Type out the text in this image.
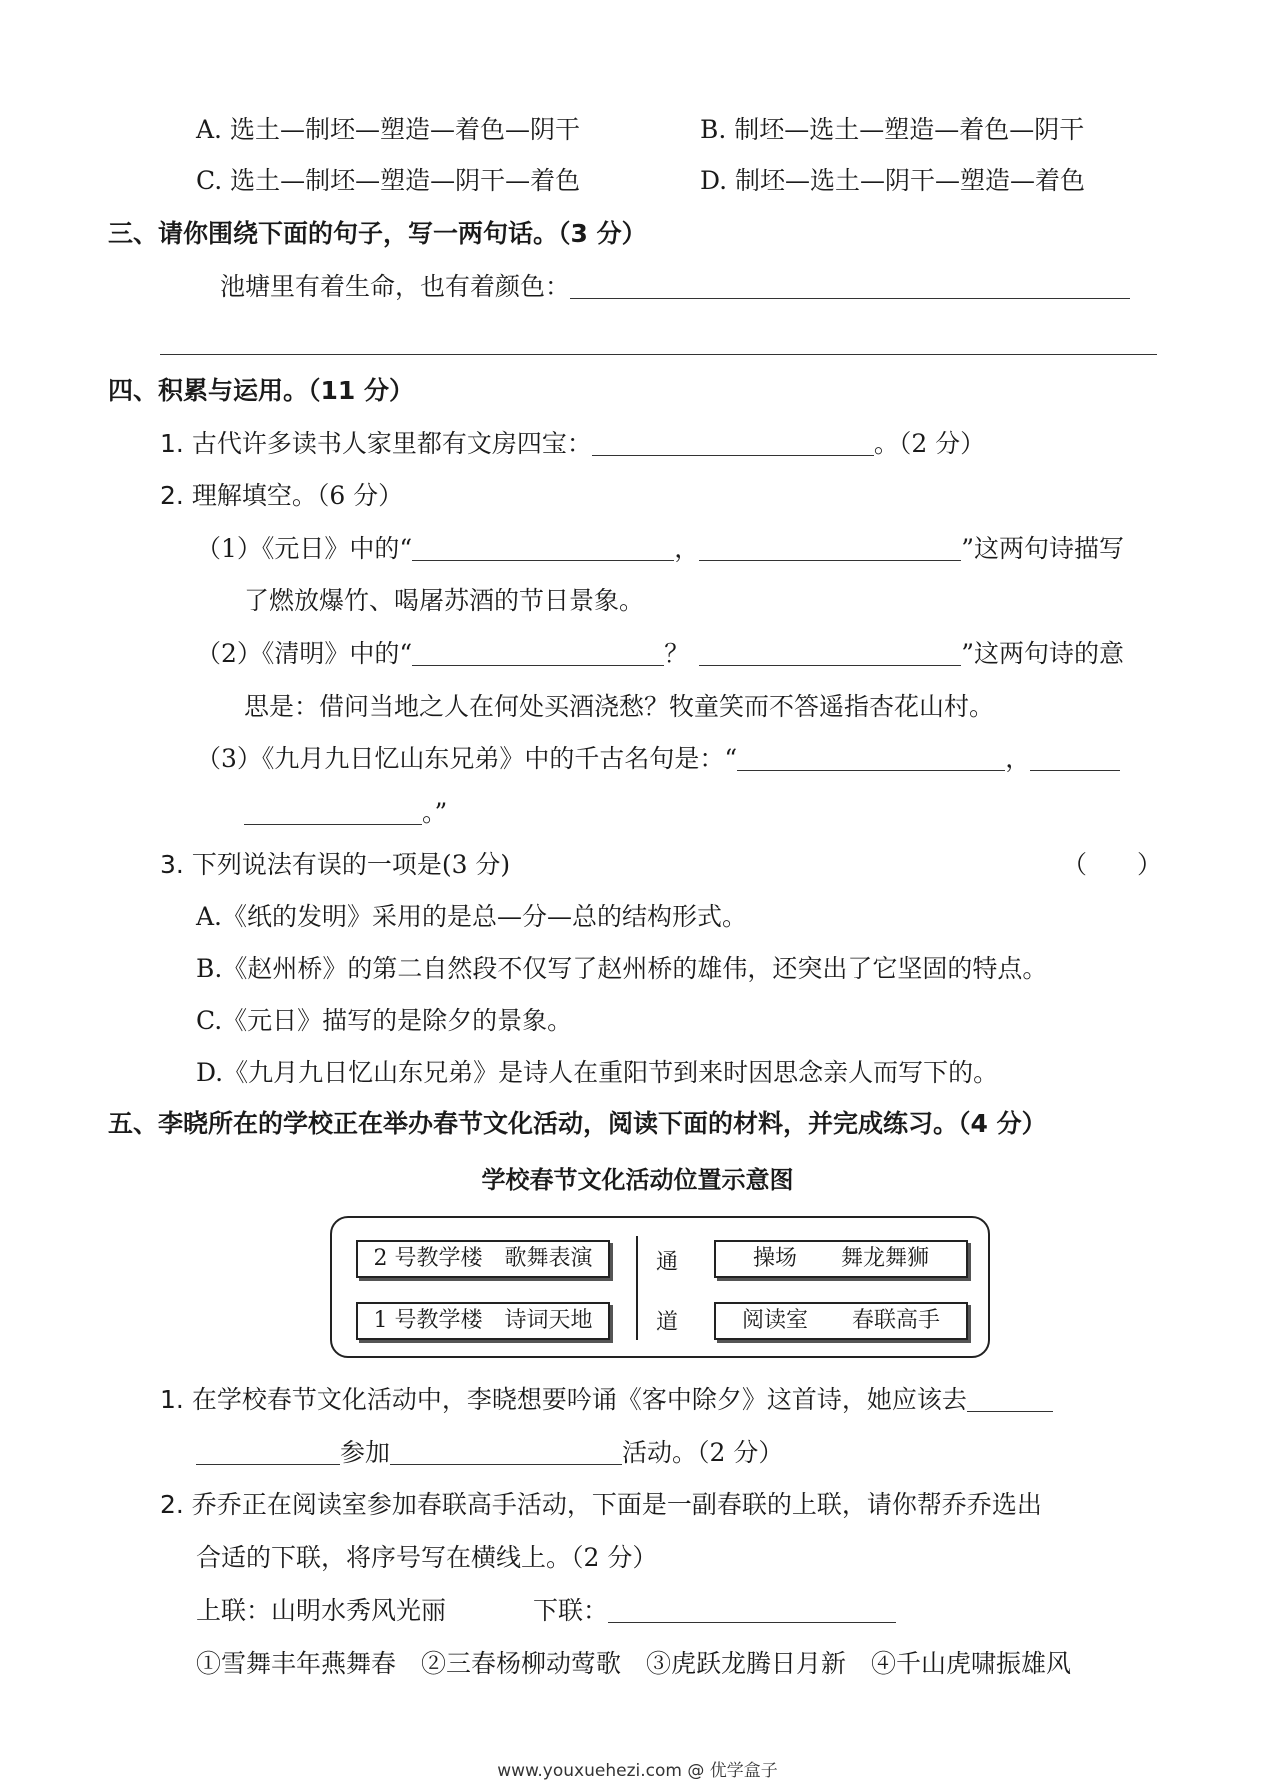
A. 选土—制坯—塑造—着色—阴干	B. 制坯—选土—塑造—着色—阴干
C. 选土—制坯—塑造—阴干—着色	D. 制坯—选土—阴干—塑造—着色
三、请你围绕下面的句子，写一两句话。（3 分）
池塘里有着生命，也有着颜色：
四、积累与运用。（11 分）
1. 古代许多读书人家里都有文房四宝：	。（2 分）
2. 理解填空。（6 分）
（1）《元日》中的“	，	”这两句诗描写
了燃放爆竹、喝屠苏酒的节日景象。
（2）《清明》中的“	？	”这两句诗的意
思是：借问当地之人在何处买酒浇愁？牧童笑而不答遥指杏花山村。
（3）《九月九日忆山东兄弟》中的千古名句是：“	，
。”
3. 下列说法有误的一项是(3 分)	（　　）
A.《纸的发明》采用的是总—分—总的结构形式。
B.《赵州桥》的第二自然段不仅写了赵州桥的雄伟，还突出了它坚固的特点。
C.《元日》描写的是除夕的景象。
D.《九月九日忆山东兄弟》是诗人在重阳节到来时因思念亲人而写下的。
五、李晓所在的学校正在举办春节文化活动，阅读下面的材料，并完成练习。（4 分）
学校春节文化活动位置示意图
2 号教学楼　歌舞表演
1 号教学楼　诗词天地
通
道
操场　　舞龙舞狮
阅读室　　春联高手
1. 在学校春节文化活动中，李晓想要吟诵《客中除夕》这首诗，她应该去
参加	活动。（2 分）
2. 乔乔正在阅读室参加春联高手活动，下面是一副春联的上联，请你帮乔乔选出
合适的下联，将序号写在横线上。（2 分）
上联：山明水秀风光丽	下联：
①雪舞丰年燕舞春　②三春杨柳动莺歌　③虎跃龙腾日月新　④千山虎啸振雄风
www.youxuehezi.com @ 优学盒子
